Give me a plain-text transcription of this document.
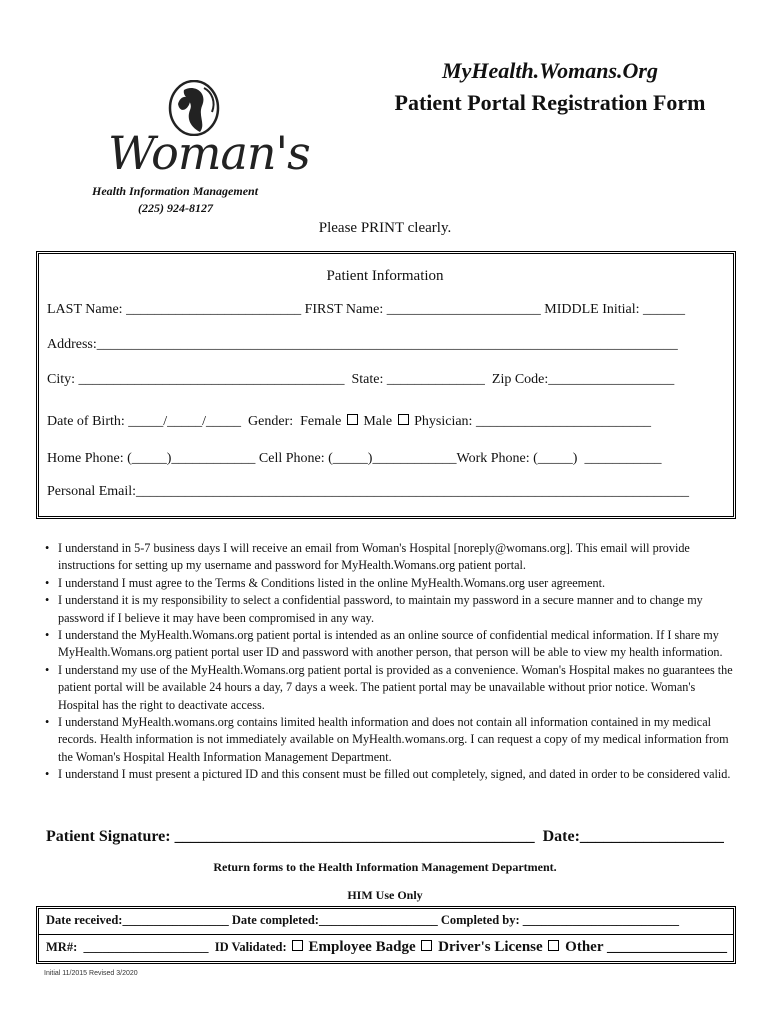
MyHealth.Womans.Org
Patient Portal Registration Form
Woman's
Health Information Management
(225) 924-8127
Please PRINT clearly.
Patient Information
LAST Name: _________________________ FIRST Name: ______________________ MIDDLE Initial: ______
Address:___________________________________________________________________________________
City: ______________________________________  State: ______________  Zip Code:__________________
Date of Birth: _____/_____/_____  Gender:  Female  Male  Physician: _________________________
Home Phone: (_____)____________ Cell Phone: (_____)____________Work Phone: (_____)  ___________
Personal Email:_______________________________________________________________________________
• I understand in 5-7 business days I will receive an email from Woman's Hospital [noreply@womans.org]. This email will provide instructions for setting up my username and password for MyHealth.Womans.org patient portal.
• I understand I must agree to the Terms & Conditions listed in the online MyHealth.Womans.org user agreement.
• I understand it is my responsibility to select a confidential password, to maintain my password in a secure manner and to change my password if I believe it may have been compromised in any way.
• I understand the MyHealth.Womans.org patient portal is intended as an online source of confidential medical information. If I share my MyHealth.Womans.org patient portal user ID and password with another person, that person will be able to view my health information.
• I understand my use of the MyHealth.Womans.org patient portal is provided as a convenience. Woman's Hospital makes no guarantees the patient portal will be available 24 hours a day, 7 days a week. The patient portal may be unavailable without prior notice. Woman's Hospital has the right to deactivate access.
• I understand MyHealth.womans.org contains limited health information and does not contain all information contained in my medical records. Health information is not immediately available on MyHealth.womans.org. I can request a copy of my medical information from the Woman's Hospital Health Information Management Department.
• I understand I must present a pictured ID and this consent must be filled out completely, signed, and dated in order to be considered valid.
Patient Signature: _____________________________________________  Date:__________________
Return forms to the Health Information Management Department.
HIM Use Only
Date received:_________________ Date completed:___________________ Completed by: _________________________
MR#:  ____________________  ID Validated:  Employee Badge  Driver's License  Other ________________
Initial 11/2015 Revised 3/2020
